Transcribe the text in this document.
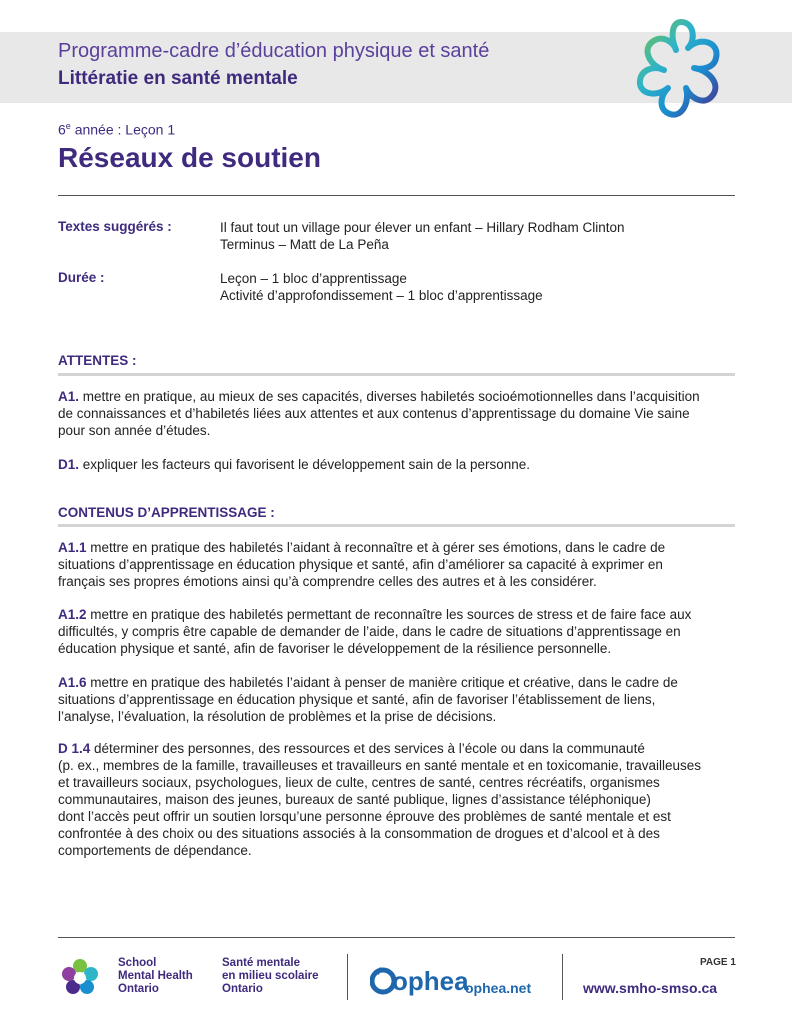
Programme-cadre d’éducation physique et santé
Littératie en santé mentale
6e année : Leçon 1
Réseaux de soutien
Textes suggérés :	Il faut tout un village pour élever un enfant – Hillary Rodham Clinton
Terminus – Matt de La Peña
Durée :	Leçon – 1 bloc d’apprentissage
Activité d’approfondissement – 1 bloc d’apprentissage
ATTENTES :
A1. mettre en pratique, au mieux de ses capacités, diverses habiletés socioémotionnelles dans l’acquisition
de connaissances et d’habiletés liées aux attentes et aux contenus d’apprentissage du domaine Vie saine
pour son année d’études.
D1. expliquer les facteurs qui favorisent le développement sain de la personne.
CONTENUS D’APPRENTISSAGE :
A1.1 mettre en pratique des habiletés l’aidant à reconnaître et à gérer ses émotions, dans le cadre de
situations d’apprentissage en éducation physique et santé, afin d’améliorer sa capacité à exprimer en
français ses propres émotions ainsi qu’à comprendre celles des autres et à les considérer.
A1.2 mettre en pratique des habiletés permettant de reconnaître les sources de stress et de faire face aux
difficultés, y compris être capable de demander de l’aide, dans le cadre de situations d’apprentissage en
éducation physique et santé, afin de favoriser le développement de la résilience personnelle.
A1.6 mettre en pratique des habiletés l’aidant à penser de manière critique et créative, dans le cadre de
situations d’apprentissage en éducation physique et santé, afin de favoriser l’établissement de liens,
l’analyse, l’évaluation, la résolution de problèmes et la prise de décisions.
D 1.4 déterminer des personnes, des ressources et des services à l’école ou dans la communauté
(p. ex., membres de la famille, travailleuses et travailleurs en santé mentale et en toxicomanie, travailleuses
et travailleurs sociaux, psychologues, lieux de culte, centres de santé, centres récréatifs, organismes
communautaires, maison des jeunes, bureaux de santé publique, lignes d’assistance téléphonique)
dont l’accès peut offrir un soutien lorsqu’une personne éprouve des problèmes de santé mentale et est
confrontée à des choix ou des situations associés à la consommation de drogues et d’alcool et à des
comportements de dépendance.
School
Mental Health
Ontario
Santé mentale
en milieu scolaire
Ontario	ophea
ophea.net
PAGE 1
www.smho-smso.ca
